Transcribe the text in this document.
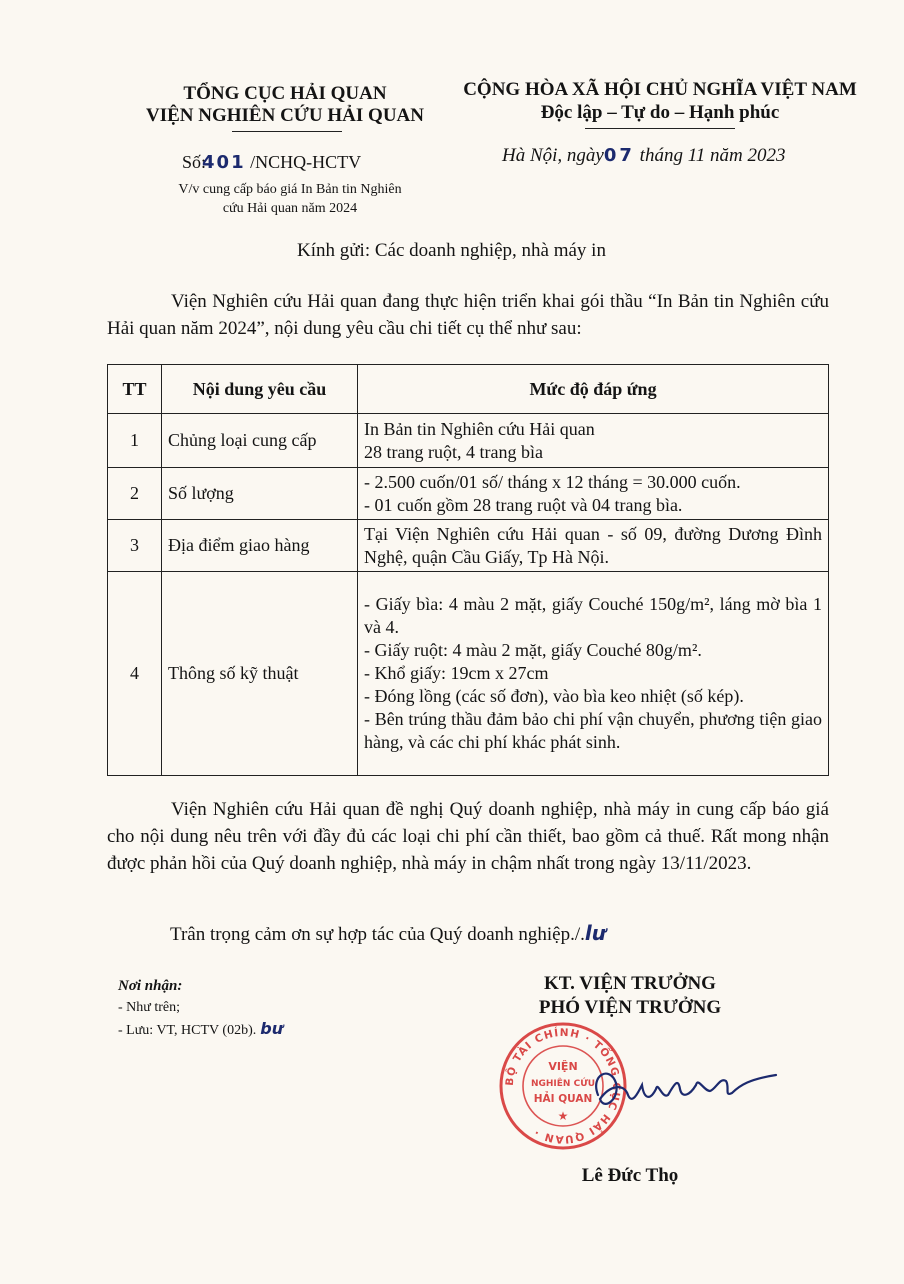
TỔNG CỤC HẢI QUAN
VIỆN NGHIÊN CỨU HẢI QUAN
Số:401 /NCHQ-HCTV
V/v cung cấp báo giá In Bản tin Nghiên
cứu Hải quan năm 2024
CỘNG HÒA XÃ HỘI CHỦ NGHĨA VIỆT NAM
Độc lập – Tự do – Hạnh phúc
Hà Nội, ngày07 tháng 11 năm 2023
Kính gửi: Các doanh nghiệp, nhà máy in
Viện Nghiên cứu Hải quan đang thực hiện triển khai gói thầu “In Bản tin Nghiên cứu Hải quan năm 2024”, nội dung yêu cầu chi tiết cụ thể như sau:
TT	Nội dung yêu cầu	Mức độ đáp ứng
1	Chủng loại cung cấp	In Bản tin Nghiên cứu Hải quan
28 trang ruột, 4 trang bìa

2	Số lượng	- 2.500 cuốn/01 số/ tháng x 12 tháng = 30.000 cuốn.
- 01 cuốn gồm 28 trang ruột và 04 trang bìa.

3	Địa điểm giao hàng	Tại Viện Nghiên cứu Hải quan - số 09, đường Dương Đình Nghệ, quận Cầu Giấy, Tp Hà Nội.

4	Thông số kỹ thuật	- Giấy bìa: 4 màu 2 mặt, giấy Couché 150g/m², láng mờ bìa 1 và 4.
- Giấy ruột: 4 màu 2 mặt, giấy Couché 80g/m².
- Khổ giấy: 19cm x 27cm
- Đóng lồng (các số đơn), vào bìa keo nhiệt (số kép).
- Bên trúng thầu đảm bảo chi phí vận chuyển, phương tiện giao hàng, và các chi phí khác phát sinh.
Viện Nghiên cứu Hải quan đề nghị Quý doanh nghiệp, nhà máy in cung cấp báo giá cho nội dung nêu trên với đầy đủ các loại chi phí cần thiết, bao gồm cả thuế. Rất mong nhận được phản hồi của Quý doanh nghiệp, nhà máy in chậm nhất trong ngày 13/11/2023.
Trân trọng cảm ơn sự hợp tác của Quý doanh nghiệp./.lư
Nơi nhận:
- Như trên;
- Lưu: VT, HCTV (02b). bư
KT. VIỆN TRƯỞNG
PHÓ VIỆN TRƯỞNG
BỘ TÀI CHÍNH · TỔNG CỤC HẢI QUAN ·
VIỆN
NGHIÊN CỨU
HẢI QUAN
★
Lê Đức Thọ
